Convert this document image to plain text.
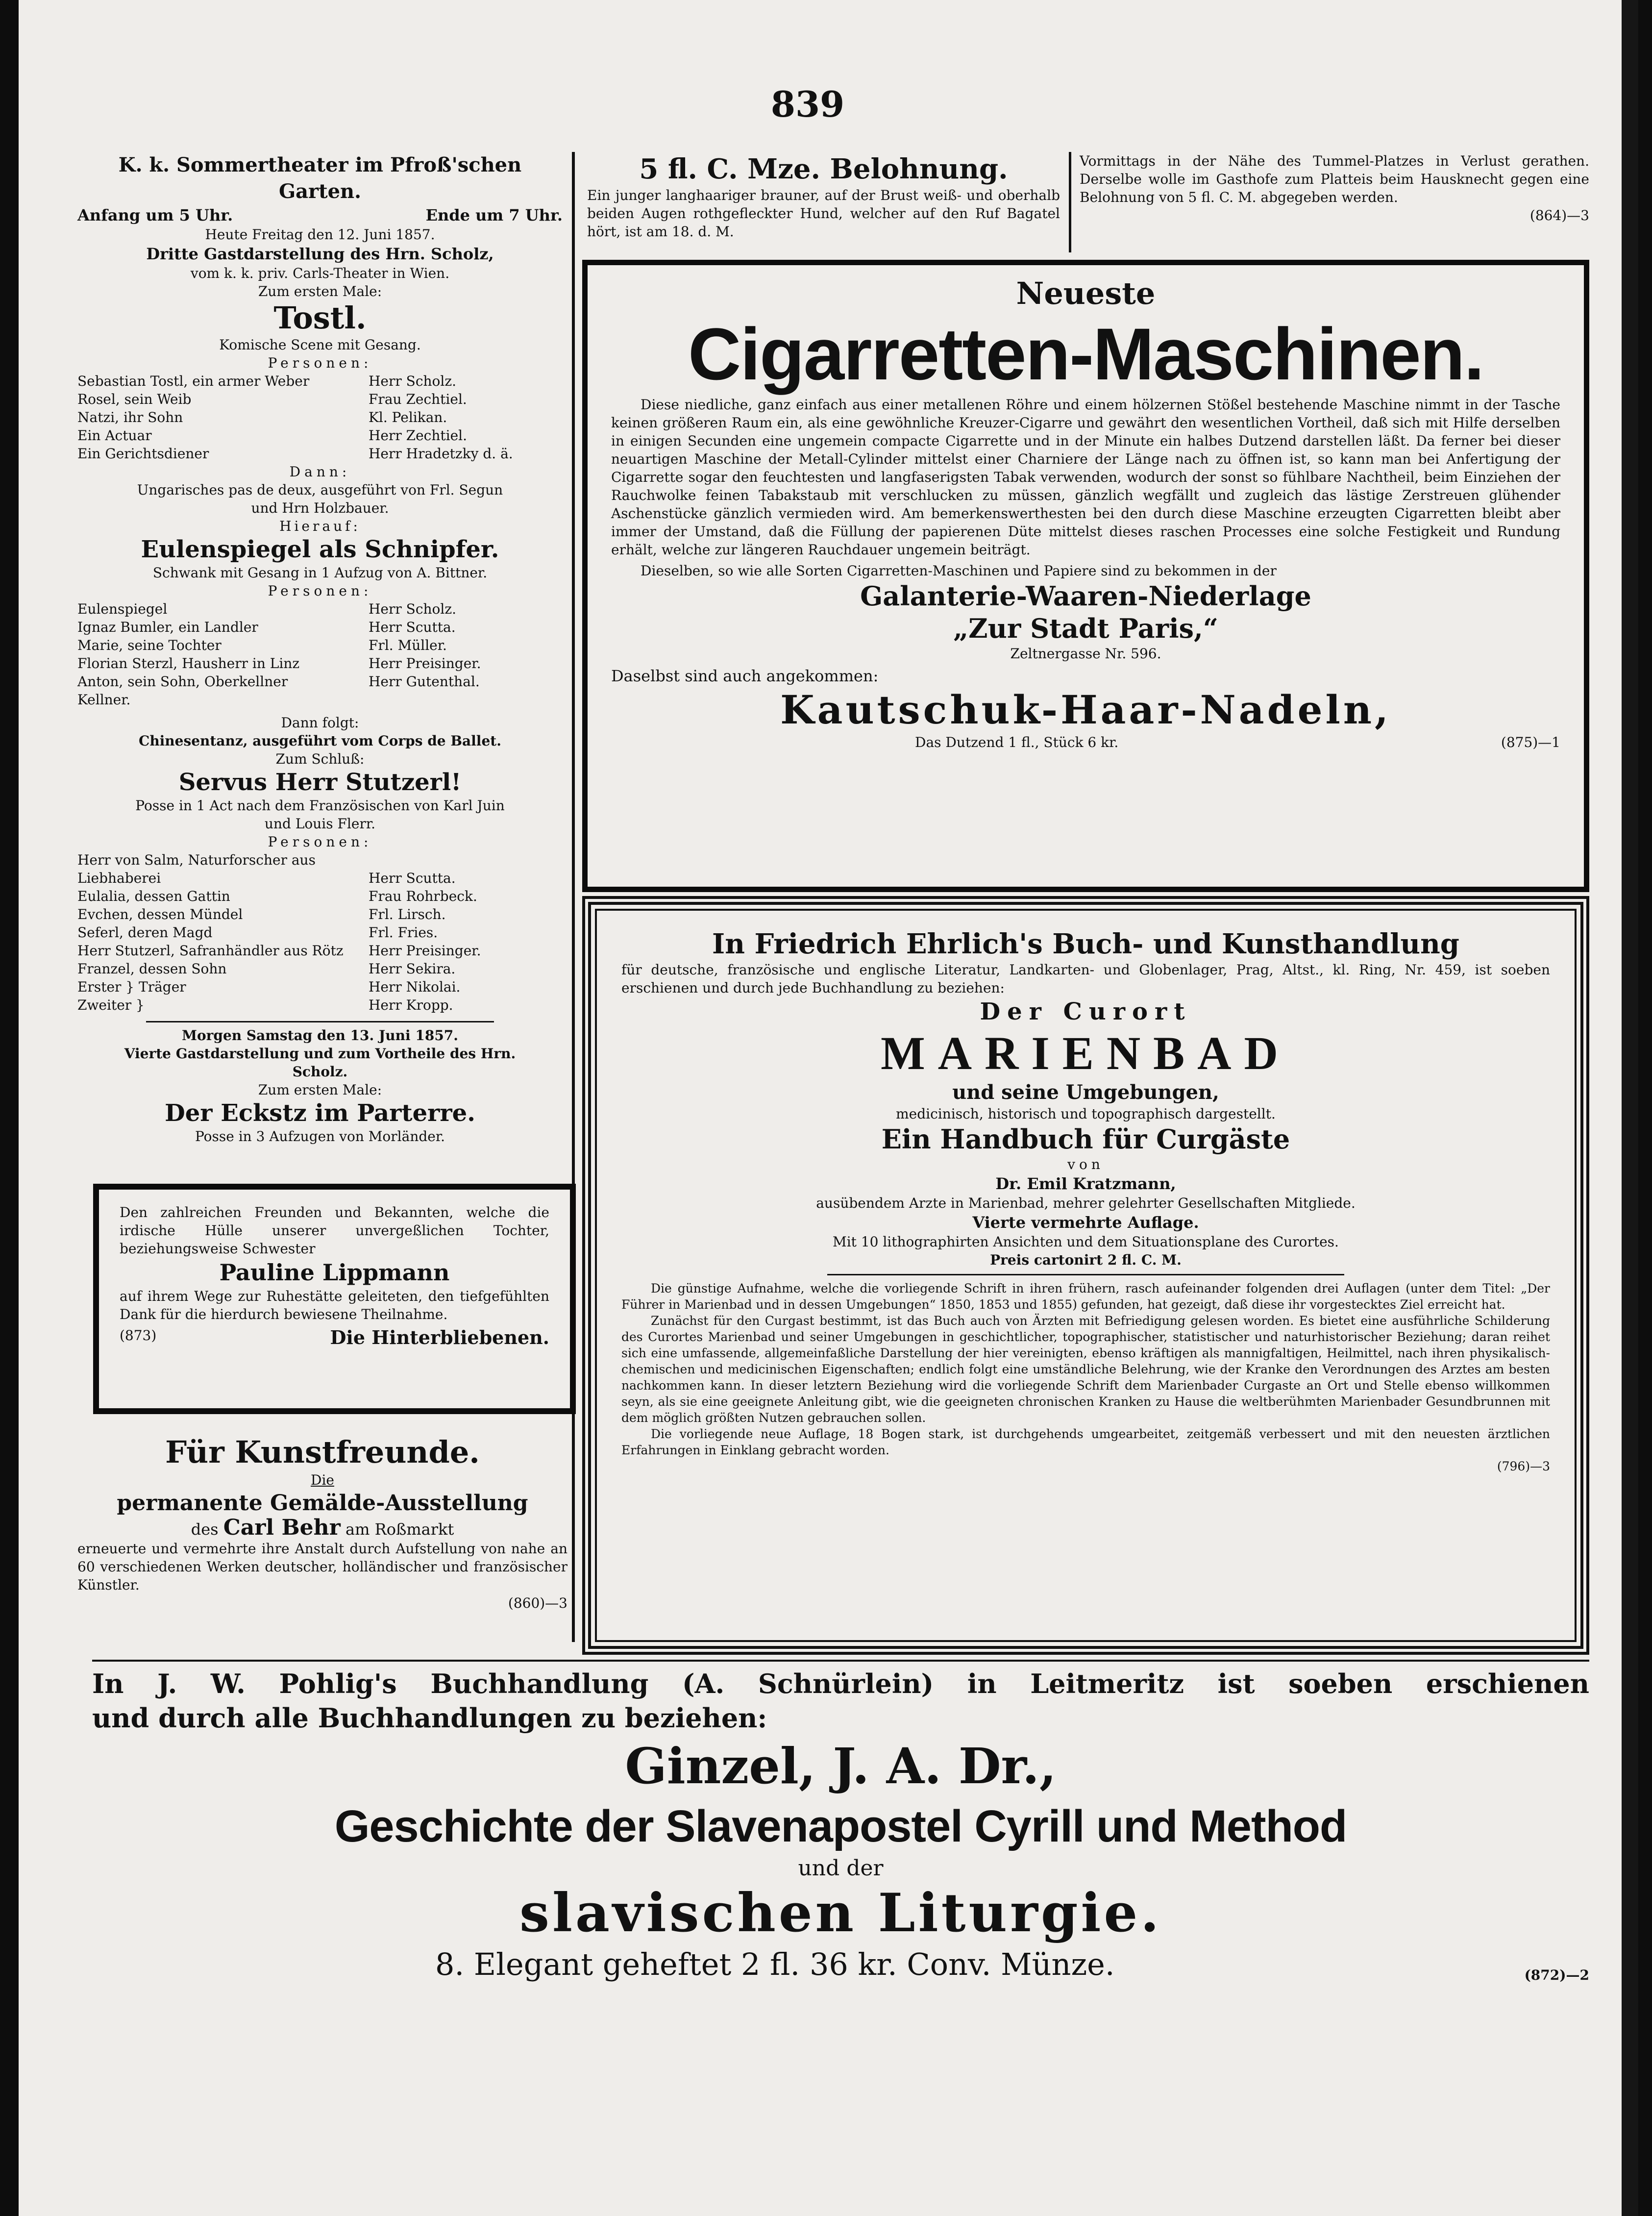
839
K. k. Sommertheater im Pfroß'schen Garten.
Anfang um 5 Uhr.	Ende um 7 Uhr.
Heute Freitag den 12. Juni 1857.
Dritte Gastdarstellung des Hrn. Scholz,
vom k. k. priv. Carls-Theater in Wien.
Zum ersten Male:
Tostl.
Komische Scene mit Gesang.
Personen:
Sebastian Tostl, ein armer Weber	Herr Scholz.
Rosel, sein Weib	Frau Zechtiel.
Natzi, ihr Sohn	Kl. Pelikan.
Ein Actuar	Herr Zechtiel.
Ein Gerichtsdiener	Herr Hradetzky d. ä.
Dann:
Ungarisches pas de deux, ausgeführt von Frl. Segun
und Hrn Holzbauer.
Hierauf:
Eulenspiegel als Schnipfer.
Schwank mit Gesang in 1 Aufzug von A. Bittner.
Personen:
Eulenspiegel	Herr Scholz.
Ignaz Bumler, ein Landler	Herr Scutta.
Marie, seine Tochter	Frl. Müller.
Florian Sterzl, Hausherr in Linz	Herr Preisinger.
Anton, sein Sohn, Oberkellner	Herr Gutenthal.
Kellner.
Dann folgt:
Chinesentanz, ausgeführt vom Corps de Ballet.
Zum Schluß:
Servus Herr Stutzerl!
Posse in 1 Act nach dem Französischen von Karl Juin
und Louis Flerr.
Personen:
Herr von Salm, Naturforscher aus Liebhaberei	Herr Scutta.
Eulalia, dessen Gattin	Frau Rohrbeck.
Evchen, dessen Mündel	Frl. Lirsch.
Seferl, deren Magd	Frl. Fries.
Herr Stutzerl, Safranhändler aus Rötz	Herr Preisinger.
Franzel, dessen Sohn	Herr Sekira.
Erster } Träger	Herr Nikolai.
Zweiter }	Herr Kropp.
Morgen Samstag den 13. Juni 1857.
Vierte Gastdarstellung und zum Vortheile des Hrn.
Scholz.
Zum ersten Male:
Der Eckstz im Parterre.
Posse in 3 Aufzugen von Morländer.

Den zahlreichen Freunden und Bekannten, welche die irdische Hülle unserer unvergeßlichen Tochter, beziehungsweise Schwester

Pauline Lippmann

auf ihrem Wege zur Ruhestätte geleiteten, den tiefgefühlten Dank für die hierdurch bewiesene Theilnahme.

(873)	Die Hinterbliebenen.
Für Kunstfreunde.
Die
permanente Gemälde-Ausstellung
des Carl Behr am Roßmarkt

erneuerte und vermehrte ihre Anstalt durch Aufstellung von nahe an 60 verschiedenen Werken deutscher, holländischer und französischer Künstler.

(860)—3
5 fl. C. Mze. Belohnung.

Ein junger langhaariger brauner, auf der Brust weiß- und oberhalb beiden Augen rothgefleckter Hund, welcher auf den Ruf Bagatel hört, ist am 18. d. M.

Vormittags in der Nähe des Tummel-Platzes in Verlust gerathen. Derselbe wolle im Gasthofe zum Platteis beim Hausknecht gegen eine Belohnung von 5 fl. C. M. abgegeben werden.

(864)—3
Neueste
Cigarretten-Maschinen.

Diese niedliche, ganz einfach aus einer metallenen Röhre und einem hölzernen Stößel bestehende Maschine nimmt in der Tasche keinen größeren Raum ein, als eine gewöhnliche Kreuzer-Cigarre und gewährt den wesentlichen Vortheil, daß sich mit Hilfe derselben in einigen Secunden eine ungemein compacte Cigarrette und in der Minute ein halbes Dutzend darstellen läßt. Da ferner bei dieser neuartigen Maschine der Metall-Cylinder mittelst einer Charniere der Länge nach zu öffnen ist, so kann man bei Anfertigung der Cigarrette sogar den feuchtesten und langfaserigsten Tabak verwenden, wodurch der sonst so fühlbare Nachtheil, beim Einziehen der Rauchwolke feinen Tabakstaub mit verschlucken zu müssen, gänzlich wegfällt und zugleich das lästige Zerstreuen glühender Aschenstücke gänzlich vermieden wird. Am bemerkenswerthesten bei den durch diese Maschine erzeugten Cigarretten bleibt aber immer der Umstand, daß die Füllung der papierenen Düte mittelst dieses raschen Processes eine solche Festigkeit und Rundung erhält, welche zur längeren Rauchdauer ungemein beiträgt.

Dieselben, so wie alle Sorten Cigarretten-Maschinen und Papiere sind zu bekommen in der

Galanterie-Waaren-Niederlage
„Zur Stadt Paris,“
Zeltnergasse Nr. 596.
Daselbst sind auch angekommen:
Kautschuk-Haar-Nadeln,
Das Dutzend 1 fl., Stück 6 kr.	(875)—1
In Friedrich Ehrlich's Buch- und Kunsthandlung

für deutsche, französische und englische Literatur, Landkarten- und Globenlager, Prag, Altst., kl. Ring, Nr. 459, ist soeben erschienen und durch jede Buchhandlung zu beziehen:

Der Curort
MARIENBAD
und seine Umgebungen,
medicinisch, historisch und topographisch dargestellt.
Ein Handbuch für Curgäste
von
Dr. Emil Kratzmann,
ausübendem Arzte in Marienbad, mehrer gelehrter Gesellschaften Mitgliede.
Vierte vermehrte Auflage.
Mit 10 lithographirten Ansichten und dem Situationsplane des Curortes.
Preis cartonirt 2 fl. C. M.

Die günstige Aufnahme, welche die vorliegende Schrift in ihren frühern, rasch aufeinander folgenden drei Auflagen (unter dem Titel: „Der Führer in Marienbad und in dessen Umgebungen“ 1850, 1853 und 1855) gefunden, hat gezeigt, daß diese ihr vorgestecktes Ziel erreicht hat.

Zunächst für den Curgast bestimmt, ist das Buch auch von Ärzten mit Befriedigung gelesen worden. Es bietet eine ausführliche Schilderung des Curortes Marienbad und seiner Umgebungen in geschichtlicher, topographischer, statistischer und naturhistorischer Beziehung; daran reihet sich eine umfassende, allgemeinfaßliche Darstellung der hier vereinigten, ebenso kräftigen als mannigfaltigen, Heilmittel, nach ihren physikalisch-chemischen und medicinischen Eigenschaften; endlich folgt eine umständliche Belehrung, wie der Kranke den Verordnungen des Arztes am besten nachkommen kann. In dieser letztern Beziehung wird die vorliegende Schrift dem Marienbader Curgaste an Ort und Stelle ebenso willkommen seyn, als sie eine geeignete Anleitung gibt, wie die geeigneten chronischen Kranken zu Hause die weltberühmten Marienbader Gesundbrunnen mit dem möglich größten Nutzen gebrauchen sollen.

Die vorliegende neue Auflage, 18 Bogen stark, ist durchgehends umgearbeitet, zeitgemäß verbessert und mit den neuesten ärztlichen Erfahrungen in Einklang gebracht worden.

(796)—3
In J. W. Pohlig's Buchhandlung (A. Schnürlein) in Leitmeritz ist soeben erschienen
und durch alle Buchhandlungen zu beziehen:
Ginzel, J. A. Dr.,
Geschichte der Slavenapostel Cyrill und Method
und der
slavischen Liturgie.
8. Elegant geheftet 2 fl. 36 kr. Conv. Münze.	(872)—2
